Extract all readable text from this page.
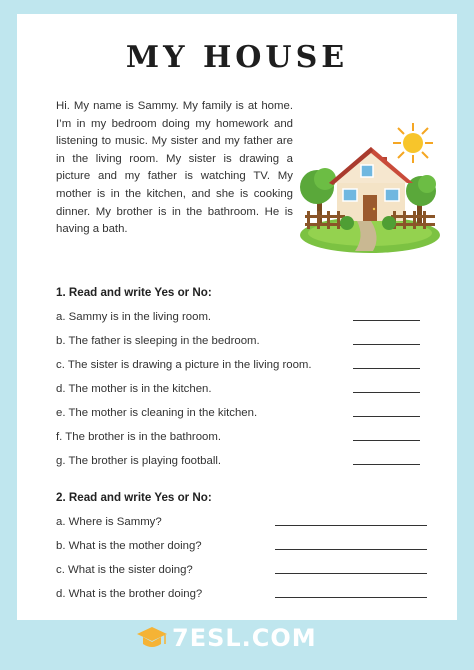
MY HOUSE
Hi. My name is Sammy. My family is at home. I’m in my bedroom doing my homework and listening to music. My sister and my father are in the living room. My sister is drawing a picture and my father is watching TV. My mother is in the kitchen, and she is cooking dinner. My brother is in the bathroom. He is having a bath.
1. Read and write Yes or No:
a. Sammy is in the living room.
b. The father is sleeping in the bedroom.
c. The sister is drawing a picture in the living room.
d. The mother is in the kitchen.
e. The mother is cleaning in the kitchen.
f. The brother is in the bathroom.
g. The brother is playing football.
2. Read and write Yes or No:
a. Where is Sammy?
b. What is the mother doing?
c. What is the sister doing?
d. What is the brother doing?
7ESL.COM
